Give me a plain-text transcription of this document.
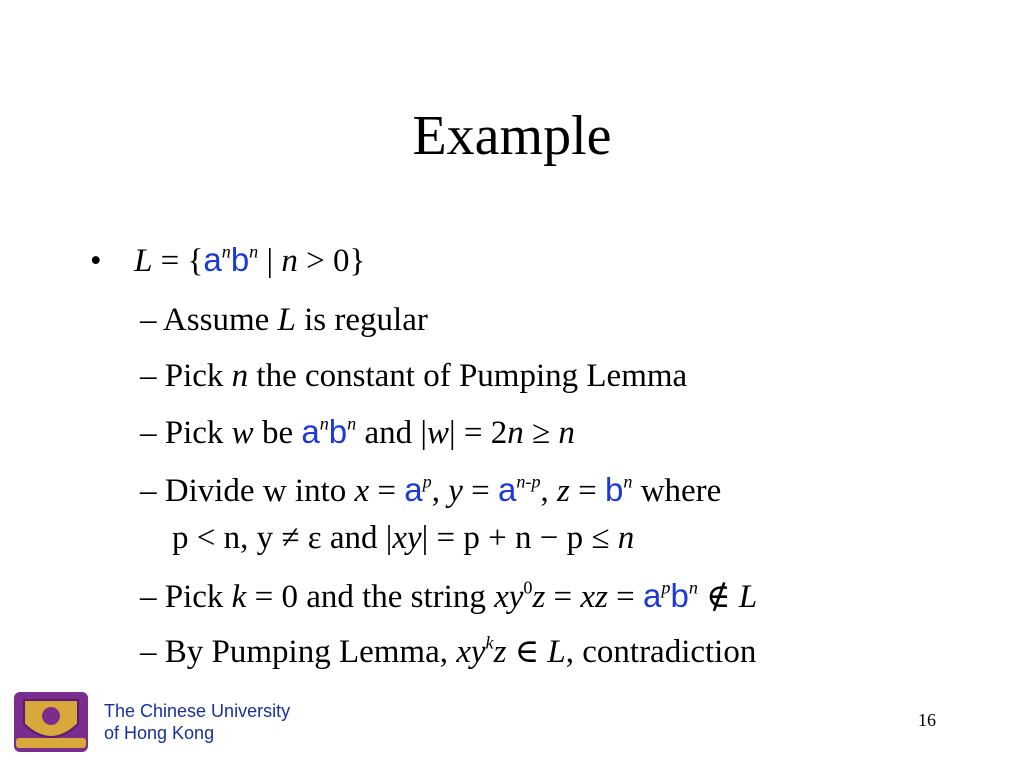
Example
• $L = \{a^nb^n$ | n > 0}
– Assume L is regular
– Pick n the constant of Pumping Lemma
– Pick w be $a^nb^n$ and |w| = 2n ≥ n
– Divide w into $x = a^p$, $y = a^{n-p}$, $z = b^n$ where
p < n, y ≠ ε and |xy| = p + n − p ≤ n
– Pick k = 0 and the string $xy^0z$ = xz = $a^pb^n$ ∉ L
– By Pumping Lemma, $xy^kz$ ∈ L, contradiction
The Chinese University
of Hong Kong
16
